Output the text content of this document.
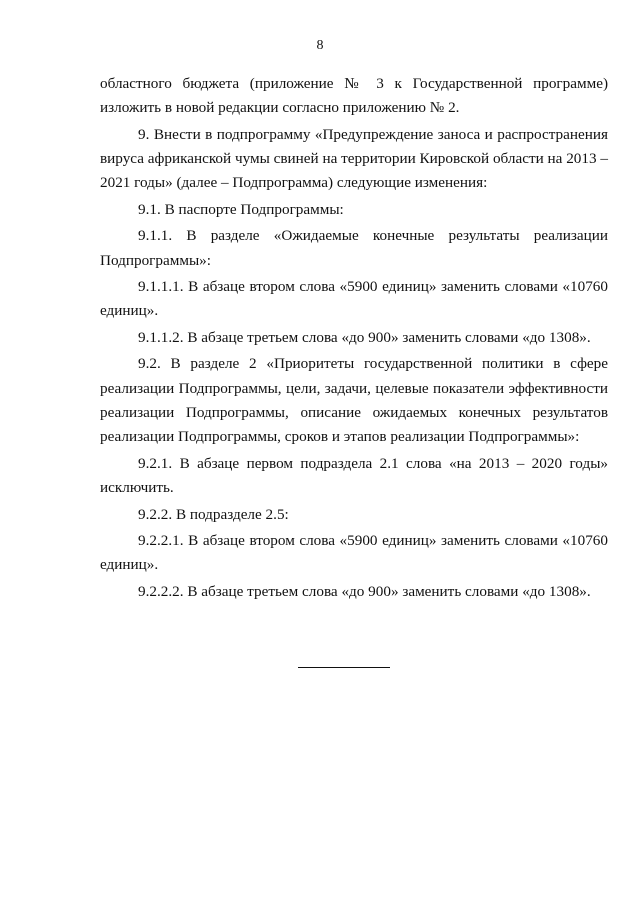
8

областного бюджета (приложение № 3 к Государственной программе) изложить в новой редакции согласно приложению № 2.

9. Внести в подпрограмму «Предупреждение заноса и распространения вируса африканской чумы свиней на территории Кировской области на 2013 – 2021 годы» (далее – Подпрограмма) следующие изменения:

9.1. В паспорте Подпрограммы:

9.1.1. В разделе «Ожидаемые конечные результаты реализации Подпрограммы»:

9.1.1.1. В абзаце втором слова «5900 единиц» заменить словами «10760 единиц».

9.1.1.2. В абзаце третьем слова «до 900» заменить словами «до 1308».

9.2. В разделе 2 «Приоритеты государственной политики в сфере реализации Подпрограммы, цели, задачи, целевые показатели эффективности реализации Подпрограммы, описание ожидаемых конечных результатов реализации Подпрограммы, сроков и этапов реализации Подпрограммы»:

9.2.1. В абзаце первом подраздела 2.1 слова «на 2013 – 2020 годы» исключить.

9.2.2. В подразделе 2.5:

9.2.2.1. В абзаце втором слова «5900 единиц» заменить словами «10760 единиц».

9.2.2.2. В абзаце третьем слова «до 900» заменить словами «до 1308».
